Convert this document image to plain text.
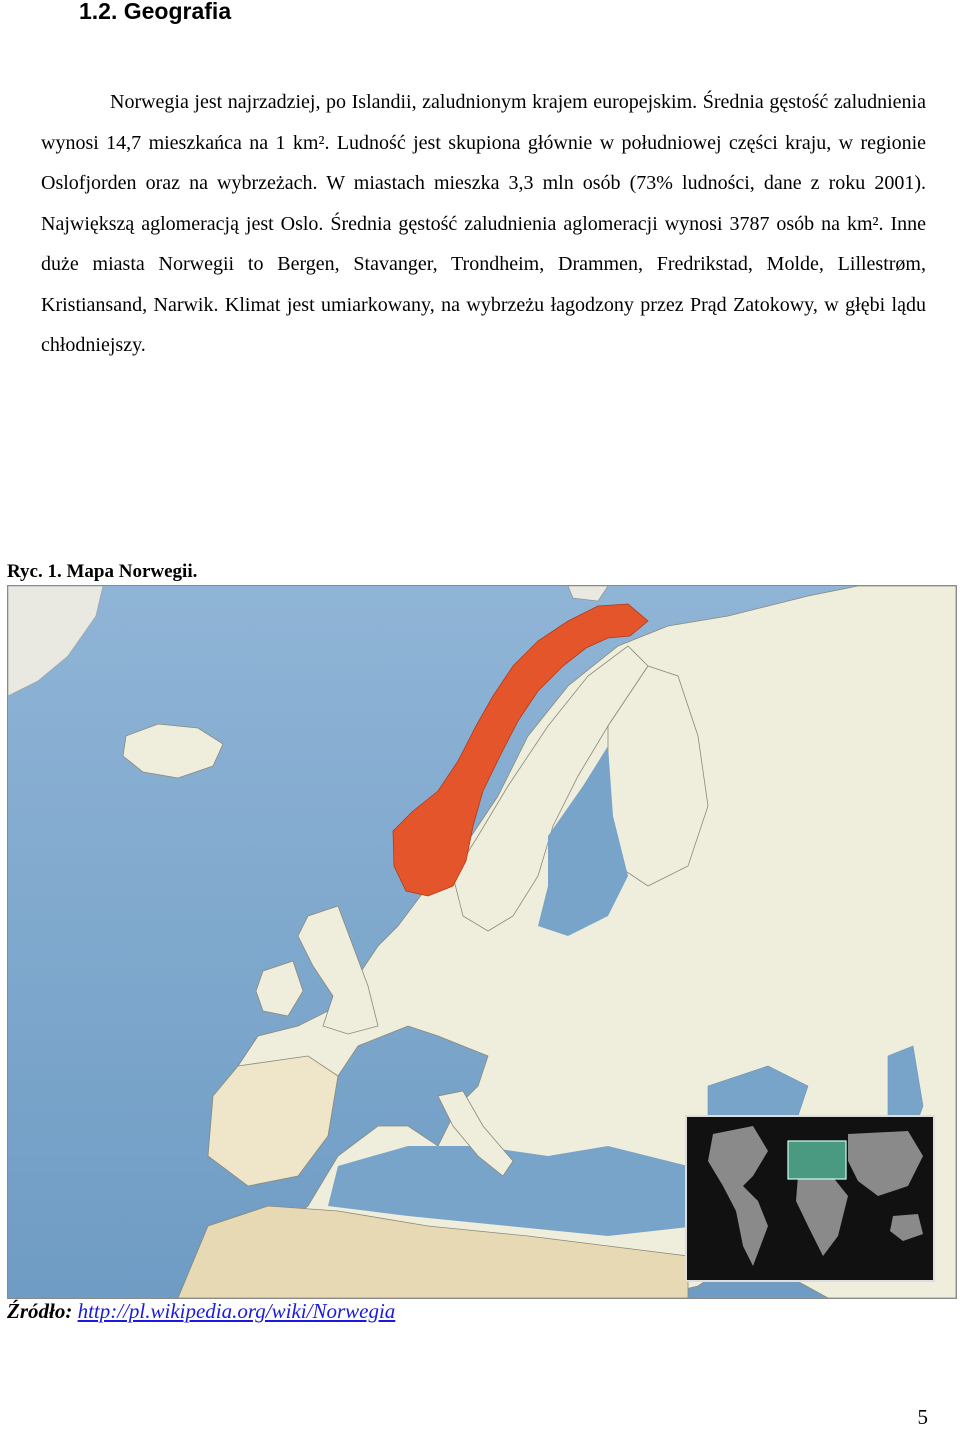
1.2. Geografia

Norwegia jest najrzadziej, po Islandii, zaludnionym krajem europejskim. Średnia gęstość zaludnienia wynosi 14,7 mieszkańca na 1 km². Ludność jest skupiona głównie w południowej części kraju, w regionie Oslofjorden oraz na wybrzeżach. W miastach mieszka 3,3 mln osób (73% ludności, dane z roku 2001). Największą aglomeracją jest Oslo. Średnia gęstość zaludnienia aglomeracji wynosi 3787 osób na km². Inne duże miasta Norwegii to Bergen, Stavanger, Trondheim, Drammen, Fredrikstad, Molde, Lillestrøm, Kristiansand, Narwik. Klimat jest umiarkowany, na wybrzeżu łagodzony przez Prąd Zatokowy, w głębi lądu chłodniejszy.

Ryc. 1. Mapa Norwegii.

Źródło: http://pl.wikipedia.org/wiki/Norwegia

5
